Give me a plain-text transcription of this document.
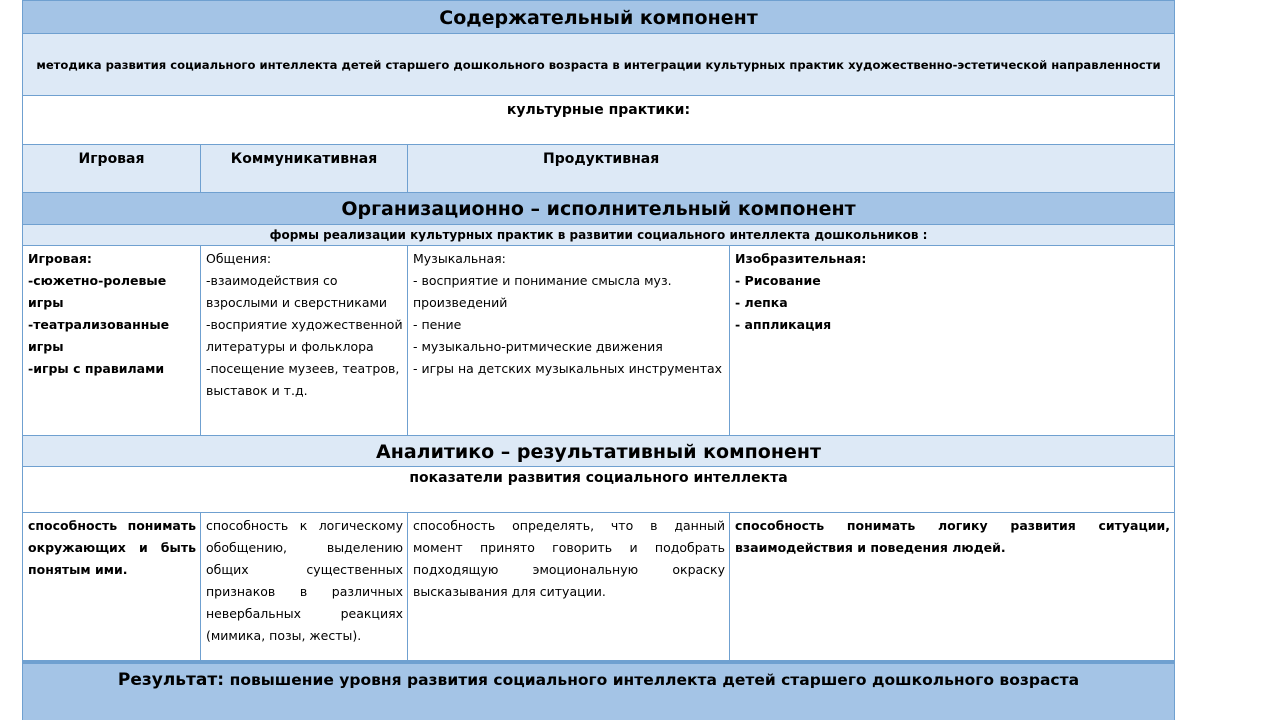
Содержательный компонент
методика развития социального интеллекта детей старшего дошкольного возраста в интеграции культурных практик художественно-эстетической направленности
культурные практики:
Игровая	Коммуникативная	Продуктивная
Организационно – исполнительный компонент
формы реализации культурных практик в развитии социального интеллекта дошкольников :
Игровая:
-сюжетно-ролевые игры
-театрализованные игры
-игры с правилами
Общения:
-взаимодействия со взрослыми и сверстниками
-восприятие художественной литературы и фольклора
-посещение музеев, театров, выставок и т.д.
Музыкальная:
- восприятие и понимание смысла муз. произведений
- пение
- музыкально-ритмические движения
- игры на детских музыкальных инструментах
Изобразительная:
- Рисование
- лепка
- аппликация
Аналитико – результативный компонент
показатели развития социального интеллекта
способность понимать окружающих и быть понятым ими.
способность к логическому обобщению, выделению общих существенных признаков в различных невербальных реакциях (мимика, позы, жесты).
способность определять, что в данный момент принято говорить и подобрать подходящую эмоциональную окраску высказывания для ситуации.
способность понимать логику развития ситуации, взаимодействия и поведения людей.
Результат: повышение уровня развития социального интеллекта детей старшего дошкольного возраста
